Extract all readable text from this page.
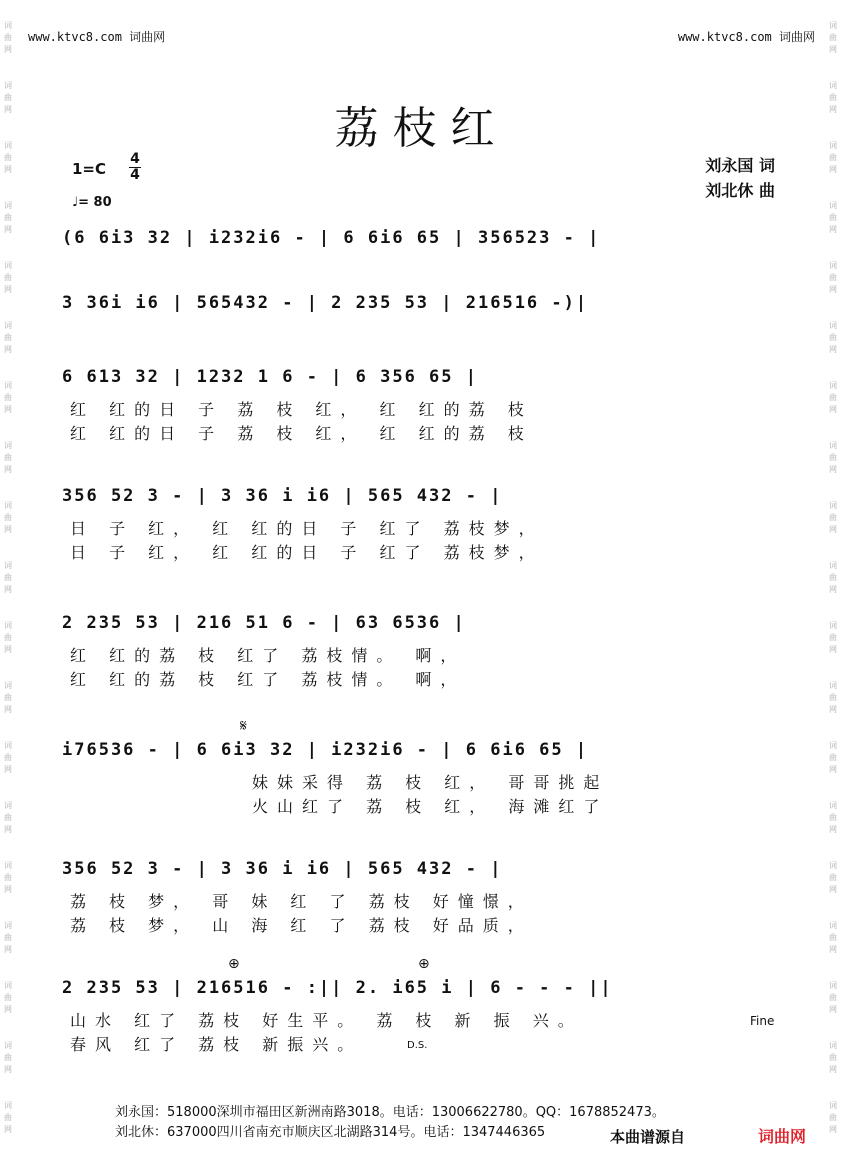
www.ktvc8.com 词曲网	www.ktvc8.com 词曲网
词
曲
网
词
曲
网
词
曲
网
词
曲
网
词
曲
网
词
曲
网
词
曲
网
词
曲
网
词
曲
网
词
曲
网
词
曲
网
词
曲
网
词
曲
网
词
曲
网
词
曲
网
词
曲
网
词
曲
网
词
曲
网
词
曲
网
词
曲
网
词
曲
网
词
曲
网
词
曲
网
词
曲
网
词
曲
网
词
曲
网
词
曲
网
词
曲
网
词
曲
网
词
曲
网
词
曲
网
词
曲
网
词
曲
网
词
曲
网
词
曲
网
词
曲
网
词
曲
网
词
曲
网
荔枝红
1=C
4
4
♩= 80
刘永国 词
刘北休 曲
(6 6i3 32 | i232i6 - | 6 6i6 65 | 356523 - |
3 36i i6 | 565432 - | 2 235 53 | 216516 -)|
6 613 32 | 1232 1 6 - | 6 356 65 |
红 红的日 子 荔 枝 红， 红 红的荔 枝
红 红的日 子 荔 枝 红， 红 红的荔 枝
356 52 3 - | 3 36 i i6 | 565 432 - |
日 子 红， 红 红的日 子 红了 荔枝梦，
日 子 红， 红 红的日 子 红了 荔枝梦，
2 235 53 | 216 51 6 - | 63 6536 |
红 红的荔 枝 红了 荔枝情。 啊，
红 红的荔 枝 红了 荔枝情。 啊，
𝄋
i76536 - | 6 6i3 32 | i232i6 - | 6 6i6 65 |
妹妹采得 荔 枝 红， 哥哥挑起
火山红了 荔 枝 红， 海滩红了
356 52 3 - | 3 36 i i6 | 565 432 - |
荔 枝 梦， 哥 妹 红 了 荔枝 好憧憬，
荔 枝 梦， 山 海 红 了 荔枝 好品质，
⊕	⊕
2 235 53 | 216516 - :|| 2. i65 i | 6 - - - ||
山水 红了 荔枝 好生平。 荔 枝 新 振 兴。
春风 红了 荔枝 新振兴。
Fine
D.S.
刘永国：518000深圳市福田区新洲南路3018。电话：13006622780。QQ：1678852473。
刘北休：637000四川省南充市顺庆区北湖路314号。电话：1347446365	本曲谱源自	词曲网
